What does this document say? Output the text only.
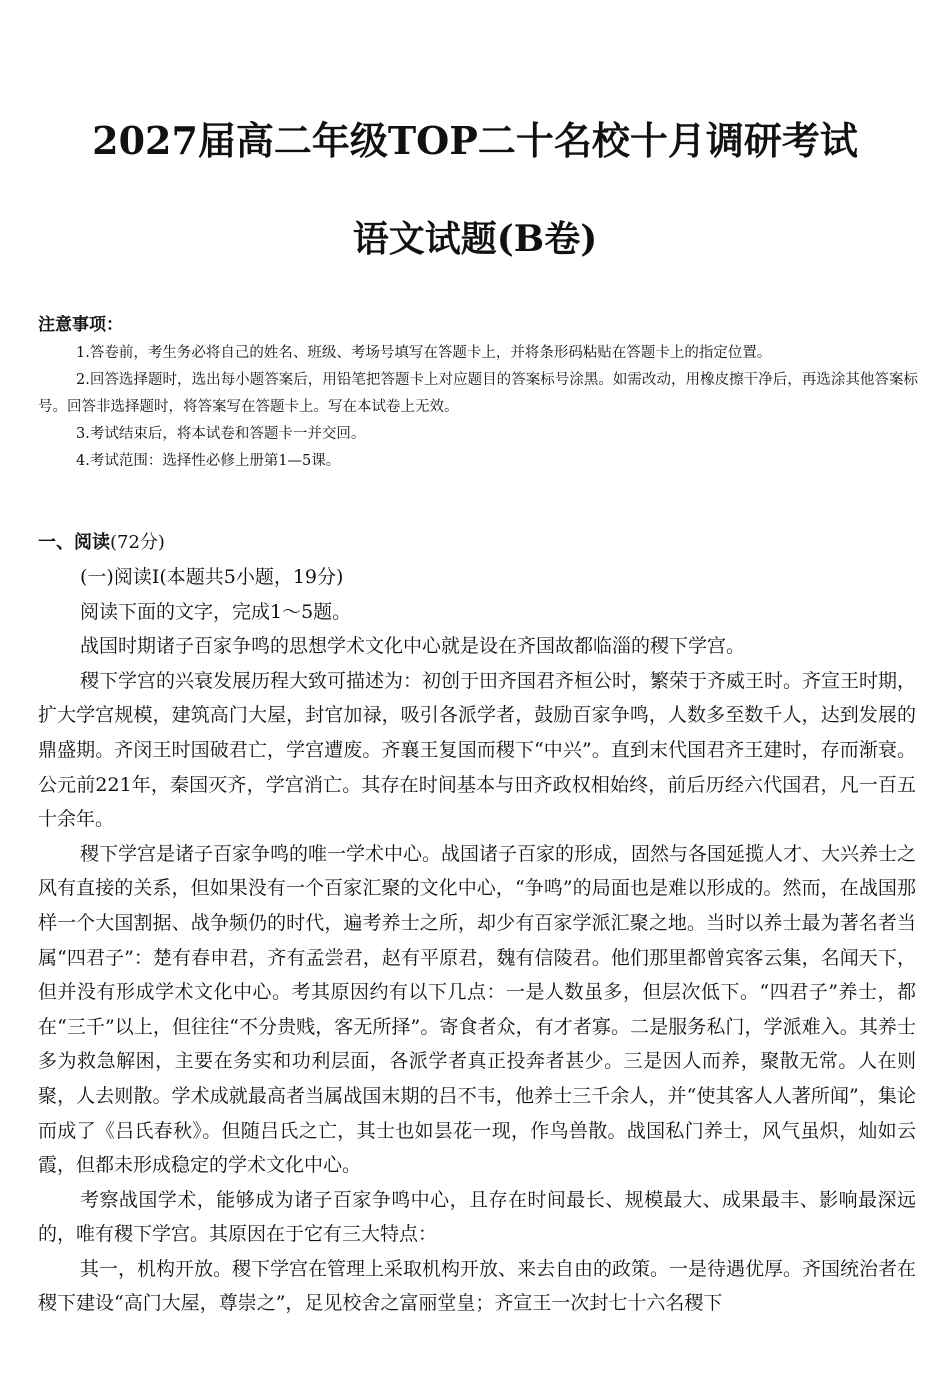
2027届高二年级TOP二十名校十月调研考试
语文试题(B卷)

注意事项：

1.答卷前，考生务必将自己的姓名、班级、考场号填写在答题卡上，并将条形码粘贴在答题卡上的指定位置。

2.回答选择题时，选出每小题答案后，用铅笔把答题卡上对应题目的答案标号涂黑。如需改动，用橡皮擦干净后，再选涂其他答案标号。回答非选择题时，将答案写在答题卡上。写在本试卷上无效。

3.考试结束后，将本试卷和答题卡一并交回。

4.考试范围：选择性必修上册第1—5课。

一、阅读(72分)

(一)阅读Ⅰ(本题共5小题，19分)

阅读下面的文字，完成1～5题。

战国时期诸子百家争鸣的思想学术文化中心就是设在齐国故都临淄的稷下学宫。

稷下学宫的兴衰发展历程大致可描述为：初创于田齐国君齐桓公时，繁荣于齐威王时。齐宣王时期，扩大学宫规模，建筑高门大屋，封官加禄，吸引各派学者，鼓励百家争鸣，人数多至数千人，达到发展的鼎盛期。齐闵王时国破君亡，学宫遭废。齐襄王复国而稷下“中兴”。直到末代国君齐王建时，存而渐衰。公元前221年，秦国灭齐，学宫消亡。其存在时间基本与田齐政权相始终，前后历经六代国君，凡一百五十余年。

稷下学宫是诸子百家争鸣的唯一学术中心。战国诸子百家的形成，固然与各国延揽人才、大兴养士之风有直接的关系，但如果没有一个百家汇聚的文化中心，“争鸣”的局面也是难以形成的。然而，在战国那样一个大国割据、战争频仍的时代，遍考养士之所，却少有百家学派汇聚之地。当时以养士最为著名者当属“四君子”：楚有春申君，齐有孟尝君，赵有平原君，魏有信陵君。他们那里都曾宾客云集，名闻天下，但并没有形成学术文化中心。考其原因约有以下几点：一是人数虽多，但层次低下。“四君子”养士，都在“三千”以上，但往往“不分贵贱，客无所择”。寄食者众，有才者寡。二是服务私门，学派难入。其养士多为救急解困，主要在务实和功利层面，各派学者真正投奔者甚少。三是因人而养，聚散无常。人在则聚，人去则散。学术成就最高者当属战国末期的吕不韦，他养士三千余人，并“使其客人人著所闻”，集论而成了《吕氏春秋》。但随吕氏之亡，其士也如昙花一现，作鸟兽散。战国私门养士，风气虽炽，灿如云霞，但都未形成稳定的学术文化中心。

考察战国学术，能够成为诸子百家争鸣中心，且存在时间最长、规模最大、成果最丰、影响最深远的，唯有稷下学宫。其原因在于它有三大特点：

其一，机构开放。稷下学宫在管理上采取机构开放、来去自由的政策。一是待遇优厚。齐国统治者在稷下建设“高门大屋，尊崇之”，足见校舍之富丽堂皇；齐宣王一次封七十六名稷下
